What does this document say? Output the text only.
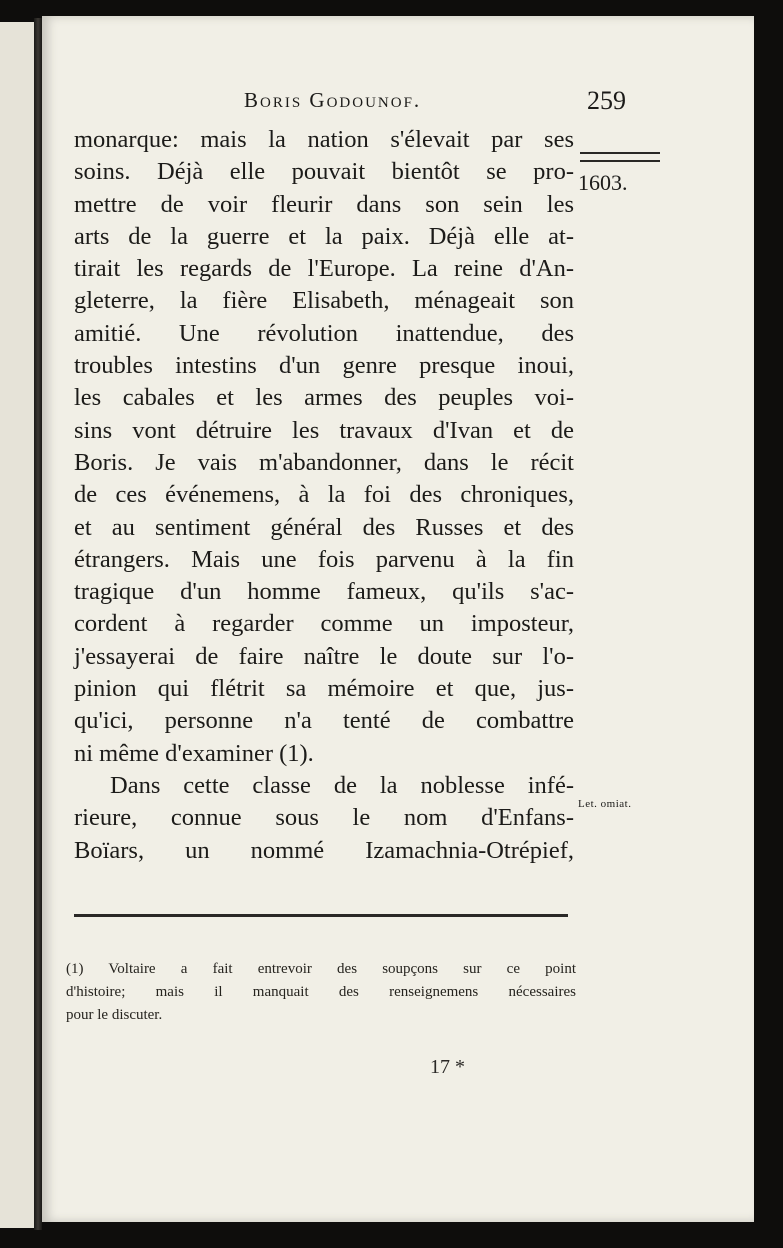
Boris Godounof.	259
1603.
Let. omiat.
monarque: mais la nation s'élevait par ses
soins. Déjà elle pouvait bientôt se pro-
mettre de voir fleurir dans son sein les
arts de la guerre et la paix. Déjà elle at-
tirait les regards de l'Europe. La reine d'An-
gleterre, la fière Elisabeth, ménageait son
amitié. Une révolution inattendue, des
troubles intestins d'un genre presque inoui,
les cabales et les armes des peuples voi-
sins vont détruire les travaux d'Ivan et de
Boris. Je vais m'abandonner, dans le récit
de ces événemens, à la foi des chroniques,
et au sentiment général des Russes et des
étrangers. Mais une fois parvenu à la fin
tragique d'un homme fameux, qu'ils s'ac-
cordent à regarder comme un imposteur,
j'essayerai de faire naître le doute sur l'o-
pinion qui flétrit sa mémoire et que, jus-
qu'ici, personne n'a tenté de combattre
ni même d'examiner (1).
Dans cette classe de la noblesse infé-
rieure, connue sous le nom d'Enfans-
Boïars, un nommé Izamachnia-Otrépief,
(1) Voltaire a fait entrevoir des soupçons sur ce point
d'histoire; mais il manquait des renseignemens nécessaires
pour le discuter.
17 *
